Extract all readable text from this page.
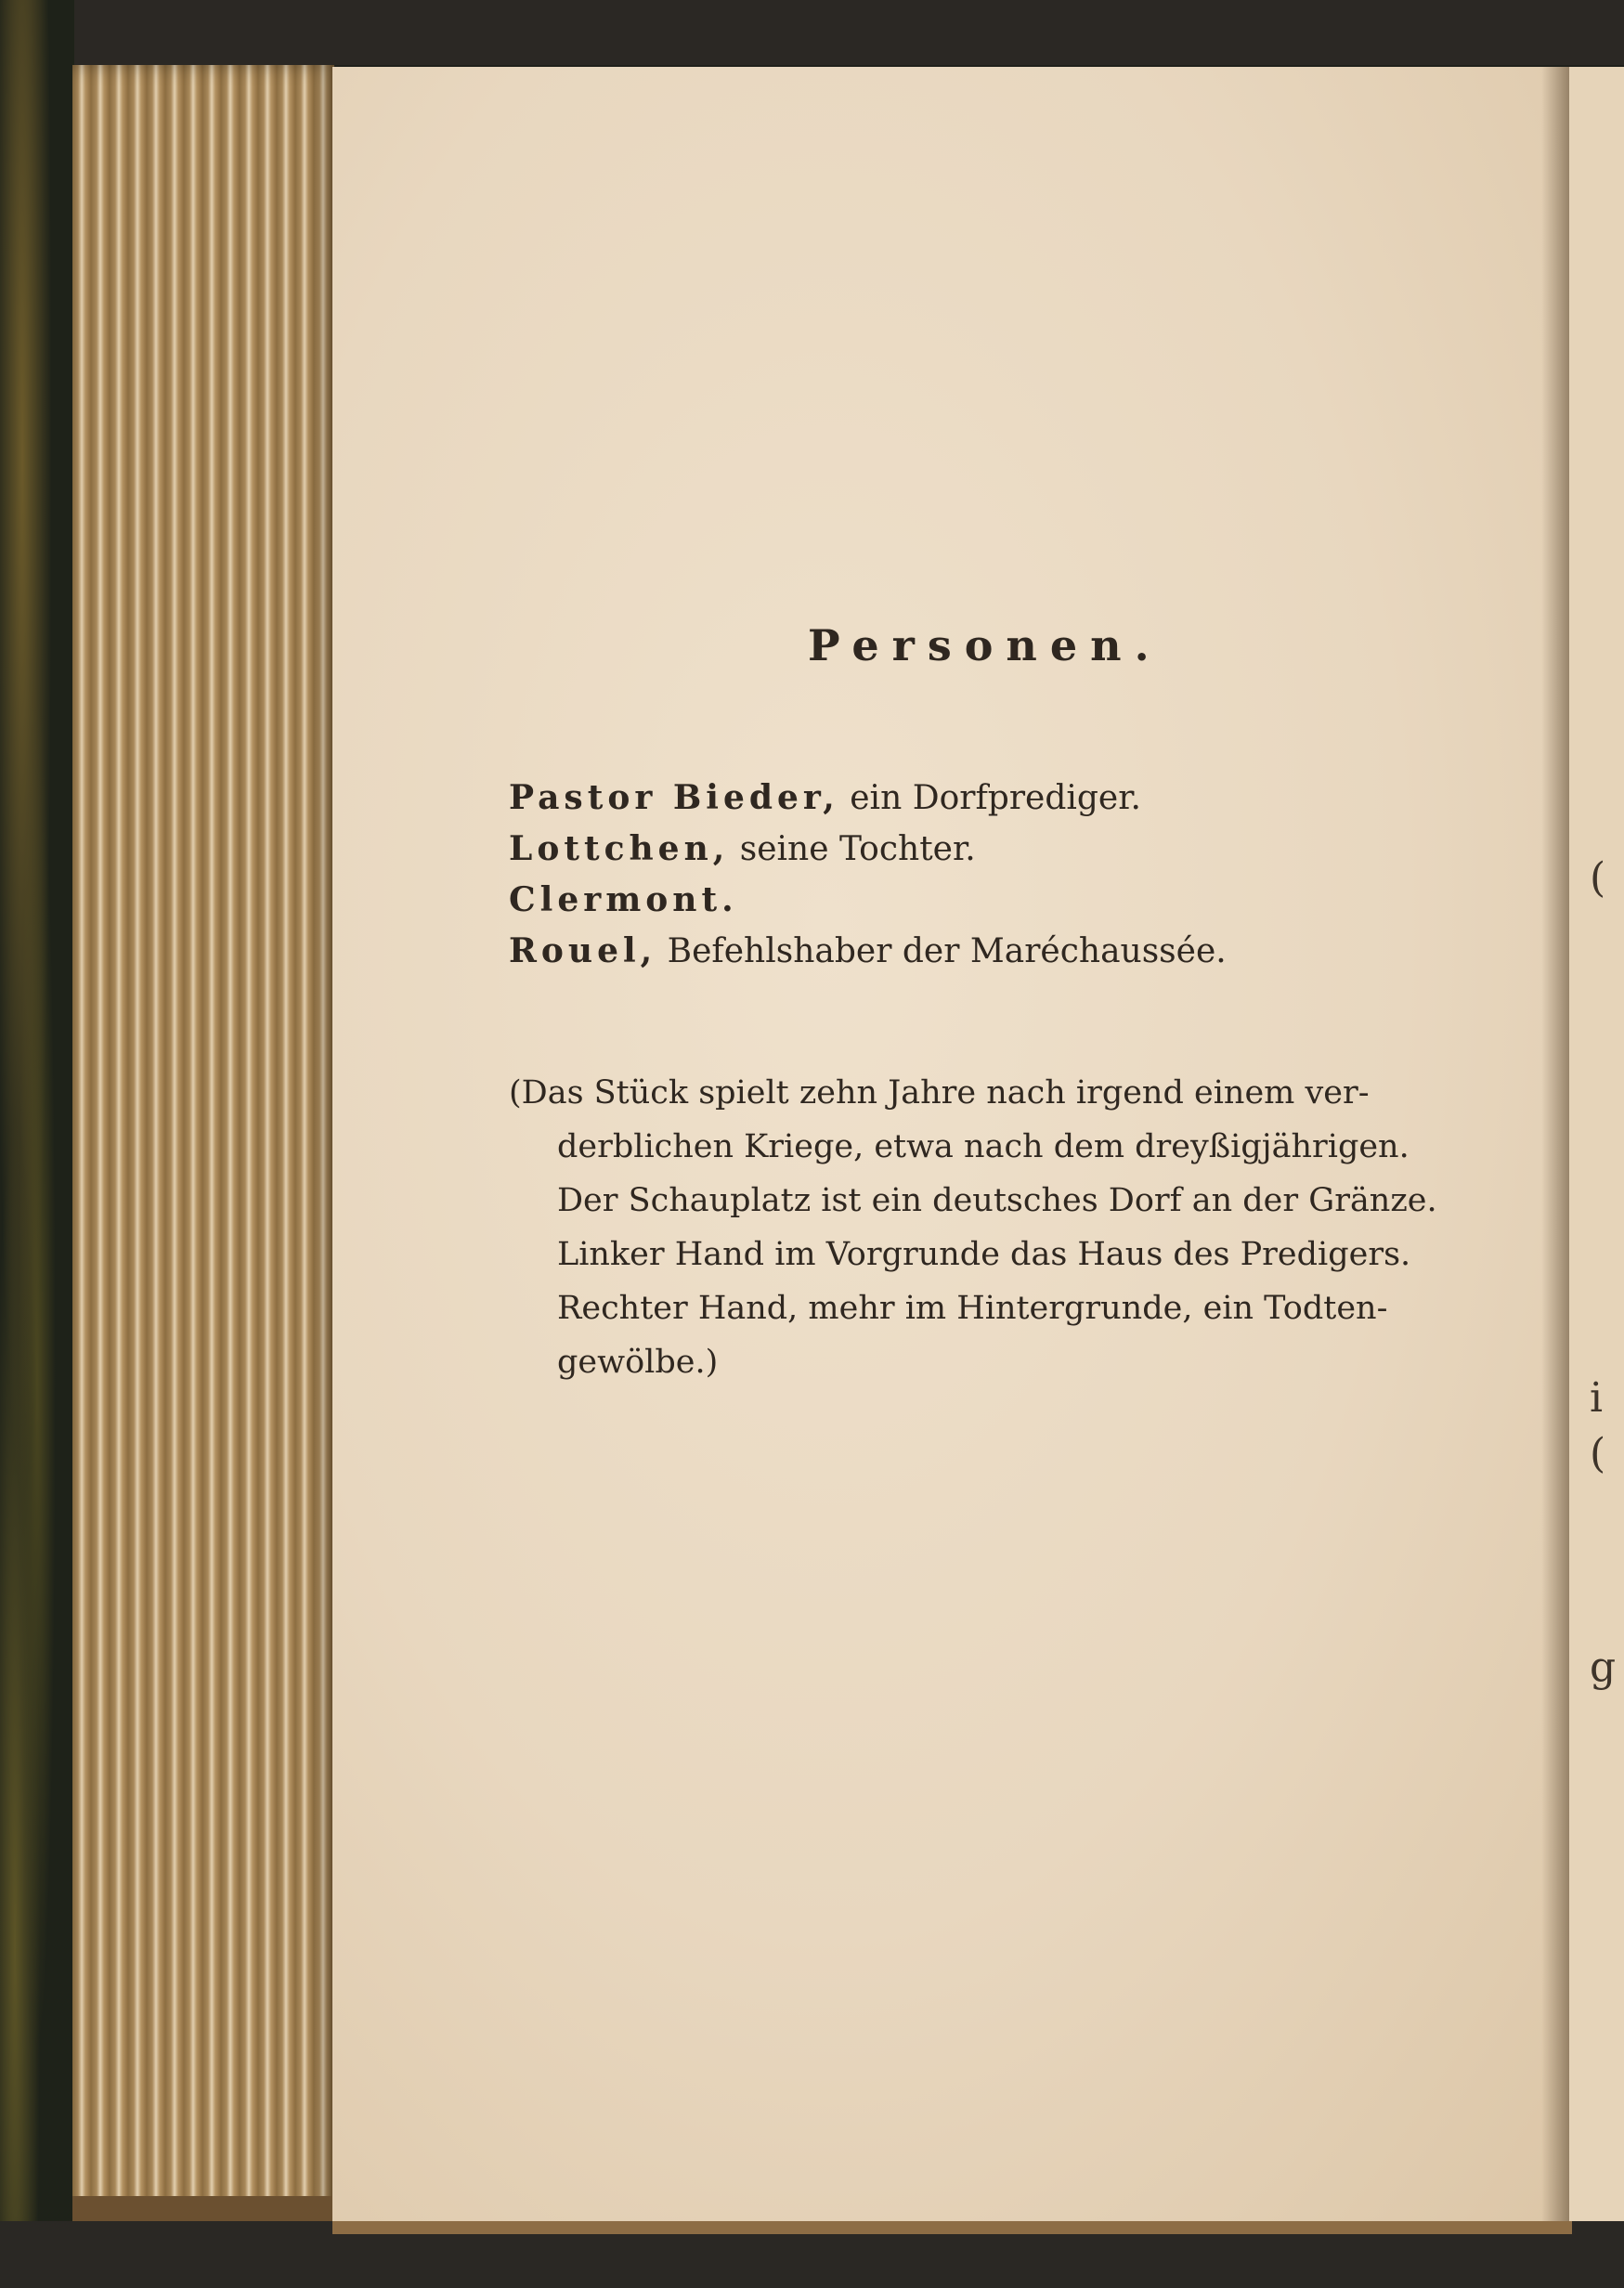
(
i
(
g
Personen.
Pastor Bieder, ein Dorfprediger.
Lottchen, seine Tochter.
Clermont.
Rouel, Befehlshaber der Maréchaussée.

(Das Stück spielt zehn Jahre nach irgend einem ver-
derblichen Kriege, etwa nach dem dreyßigjährigen.
Der Schauplatz ist ein deutsches Dorf an der Gränze.
Linker Hand im Vorgrunde das Haus des Predigers.
Rechter Hand, mehr im Hintergrunde, ein Todten-
gewölbe.)
